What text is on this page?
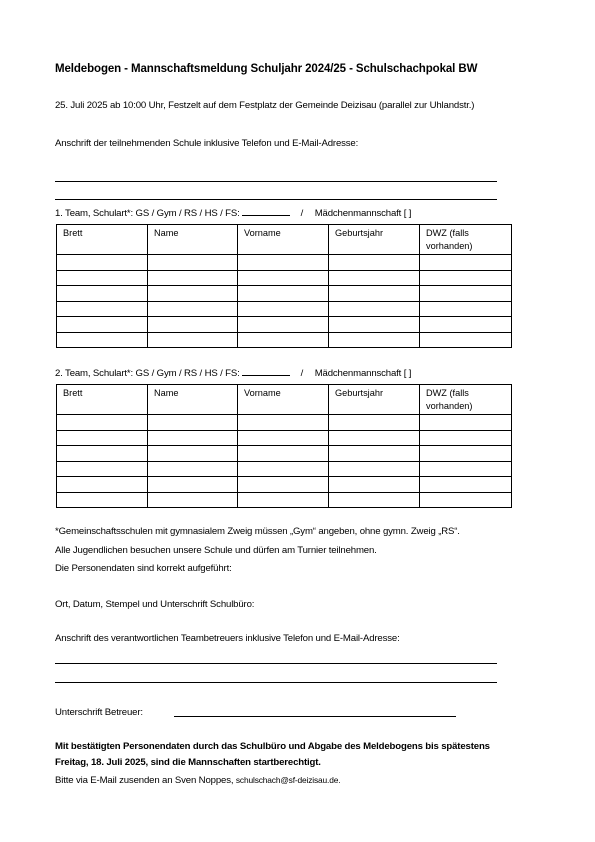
Meldebogen - Mannschaftsmeldung Schuljahr 2024/25 - Schulschachpokal BW
25. Juli 2025 ab 10:00 Uhr, Festzelt auf dem Festplatz der Gemeinde Deizisau (parallel zur Uhlandstr.)
Anschrift der teilnehmenden Schule inklusive Telefon und E-Mail-Adresse:
1. Team, Schulart*: GS / Gym / RS / HS / FS:	/ Mädchenmannschaft [ ]
Brett	Name	Vorname	Geburtsjahr	DWZ (falls vorhanden)

2. Team, Schulart*: GS / Gym / RS / HS / FS:	/ Mädchenmannschaft [ ]
Brett	Name	Vorname	Geburtsjahr	DWZ (falls vorhanden)

*Gemeinschaftsschulen mit gymnasialem Zweig müssen „Gym“ angeben, ohne gymn. Zweig „RS“.
Alle Jugendlichen besuchen unsere Schule und dürfen am Turnier teilnehmen.
Die Personendaten sind korrekt aufgeführt:
Ort, Datum, Stempel und Unterschrift Schulbüro:
Anschrift des verantwortlichen Teambetreuers inklusive Telefon und E-Mail-Adresse:
Unterschrift Betreuer:
Mit bestätigten Personendaten durch das Schulbüro und Abgabe des Meldebogens bis spätestens
Freitag, 18. Juli 2025, sind die Mannschaften startberechtigt.
Bitte via E-Mail zusenden an Sven Noppes, schulschach@sf-deizisau.de.
